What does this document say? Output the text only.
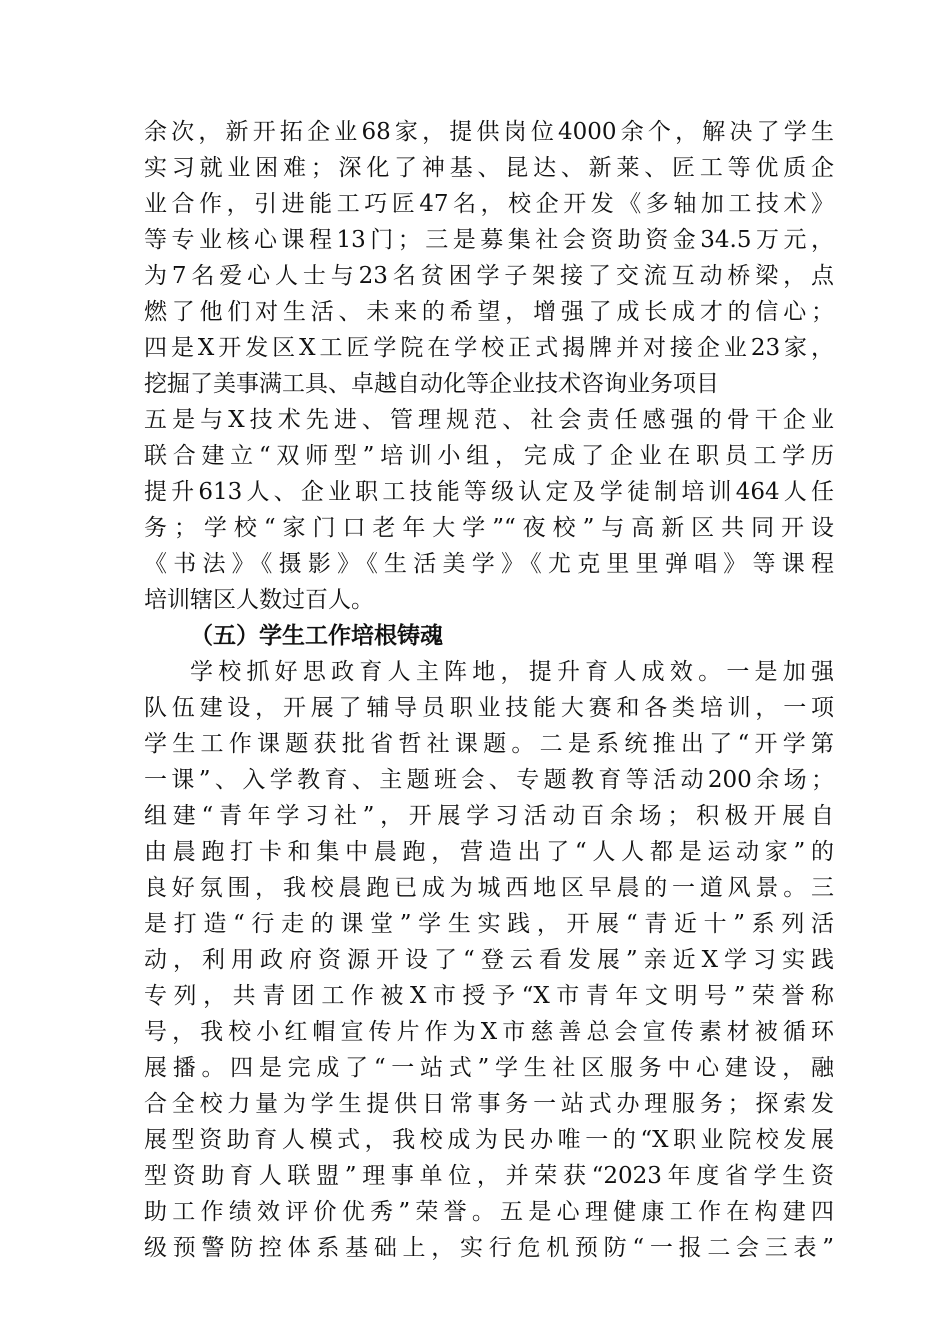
余次，新开拓企业68家，提供岗位4000余个，解决了学生
实习就业困难；深化了神基、昆达、新莱、匠工等优质企
业合作，引进能工巧匠47名，校企开发《多轴加工技术》
等专业核心课程13门；三是募集社会资助资金34.5万元，
为7名爱心人士与23名贫困学子架接了交流互动桥梁，点
燃了他们对生活、未来的希望，增强了成长成才的信心；
四是X开发区X工匠学院在学校正式揭牌并对接企业23家，
挖掘了美事满工具、卓越自动化等企业技术咨询业务项目
五是与X技术先进、管理规范、社会责任感强的骨干企业
联合建立“双师型”培训小组，完成了企业在职员工学历
提升613人、企业职工技能等级认定及学徒制培训464人任
务；学校“家门口老年大学”“夜校”与高新区共同开设
《书法》《摄影》《生活美学》《尤克里里弹唱》等课程
培训辖区人数过百人。
（五）学生工作培根铸魂
学校抓好思政育人主阵地，提升育人成效。一是加强
队伍建设，开展了辅导员职业技能大赛和各类培训，一项
学生工作课题获批省哲社课题。二是系统推出了“开学第
一课”、入学教育、主题班会、专题教育等活动200余场；
组建“青年学习社”，开展学习活动百余场；积极开展自
由晨跑打卡和集中晨跑，营造出了“人人都是运动家”的
良好氛围，我校晨跑已成为城西地区早晨的一道风景。三
是打造“行走的课堂”学生实践，开展“青近十”系列活
动，利用政府资源开设了“登云看发展”亲近X学习实践
专列，共青团工作被X市授予“X市青年文明号”荣誉称
号，我校小红帽宣传片作为X市慈善总会宣传素材被循环
展播。四是完成了“一站式”学生社区服务中心建设，融
合全校力量为学生提供日常事务一站式办理服务；探索发
展型资助育人模式，我校成为民办唯一的“X职业院校发展
型资助育人联盟”理事单位，并荣获“2023年度省学生资
助工作绩效评价优秀”荣誉。五是心理健康工作在构建四
级预警防控体系基础上，实行危机预防“一报二会三表”
